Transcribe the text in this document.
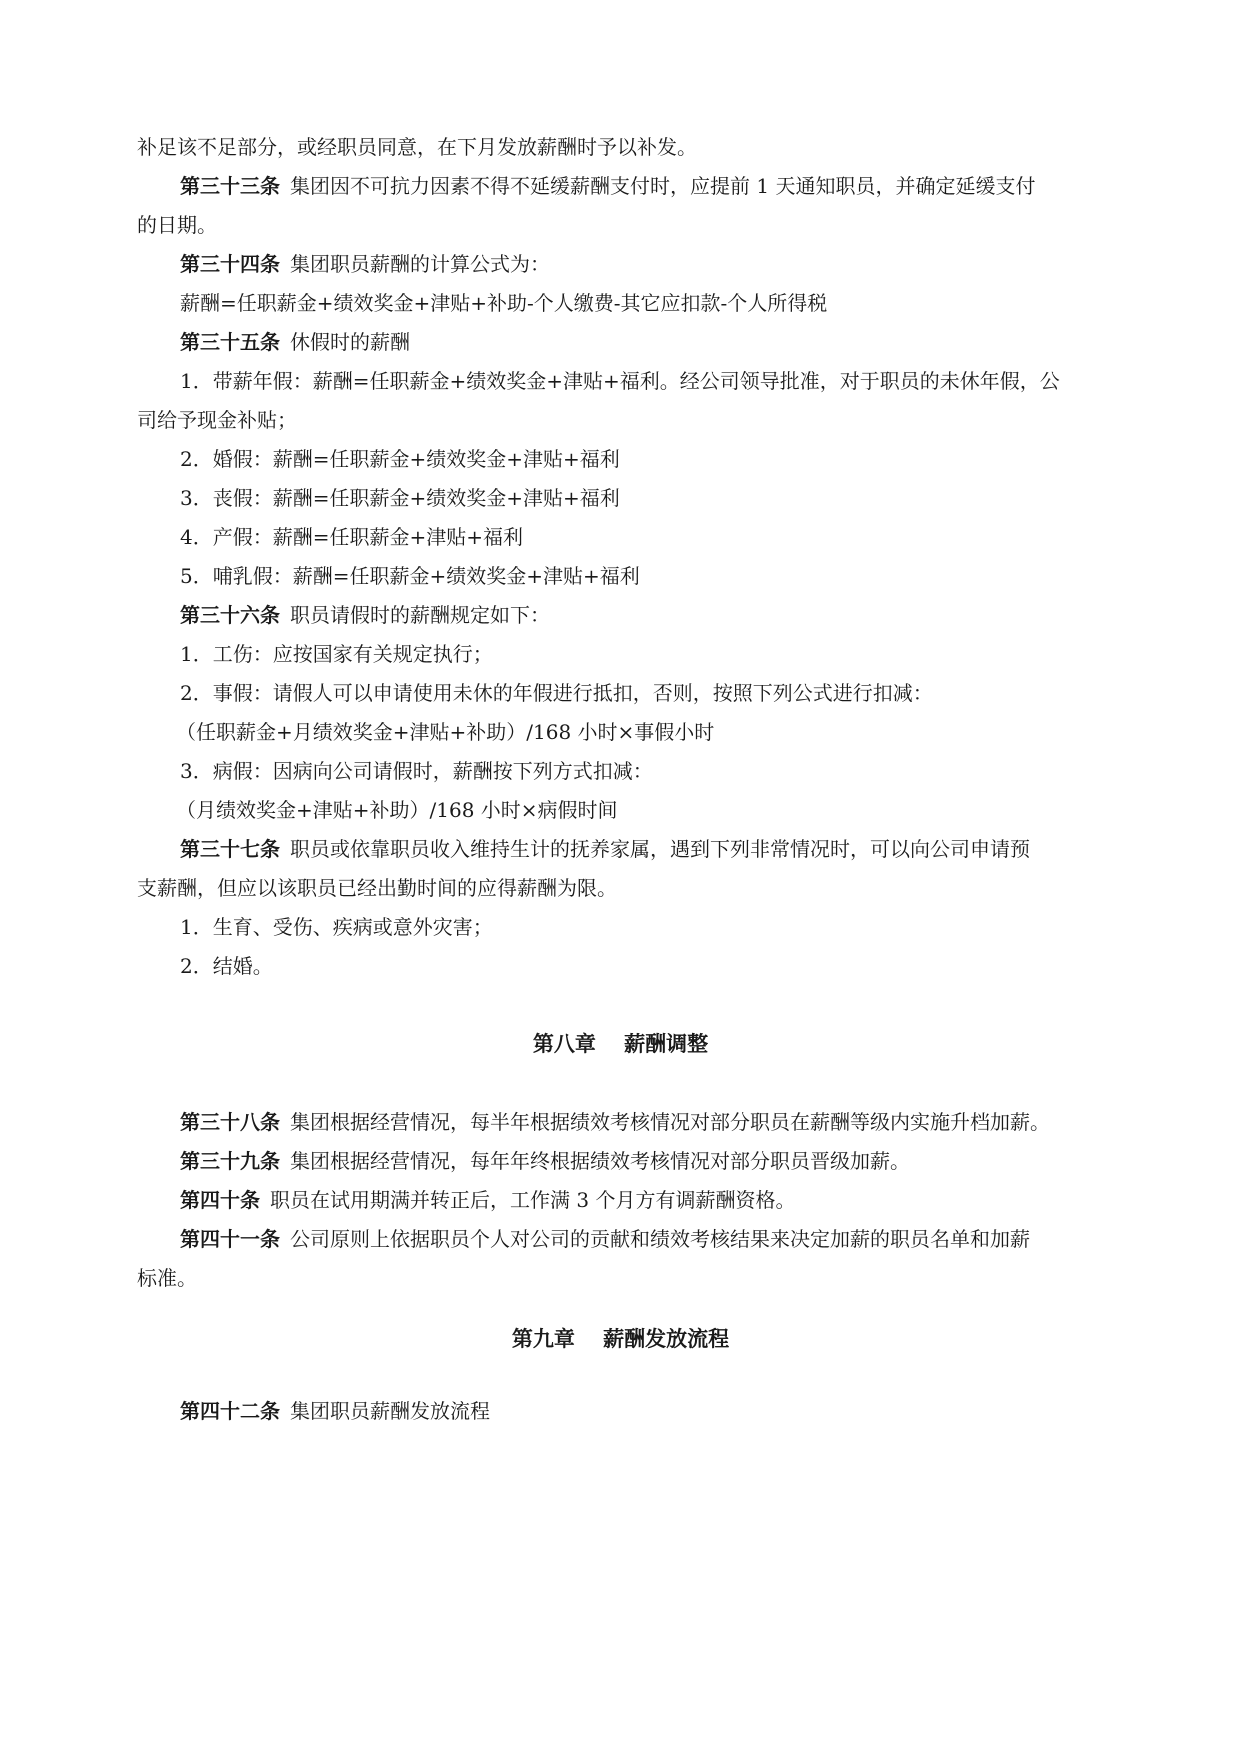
补足该不足部分，或经职员同意，在下月发放薪酬时予以补发。
第三十三条 集团因不可抗力因素不得不延缓薪酬支付时，应提前 1 天通知职员，并确定延缓支付
的日期。
第三十四条 集团职员薪酬的计算公式为：
薪酬=任职薪金+绩效奖金+津贴+补助-个人缴费-其它应扣款-个人所得税
第三十五条 休假时的薪酬
1．带薪年假：薪酬=任职薪金+绩效奖金+津贴+福利。经公司领导批准，对于职员的未休年假，公
司给予现金补贴；
2．婚假：薪酬=任职薪金+绩效奖金+津贴+福利
3．丧假：薪酬=任职薪金+绩效奖金+津贴+福利
4．产假：薪酬=任职薪金+津贴+福利
5．哺乳假：薪酬=任职薪金+绩效奖金+津贴+福利
第三十六条 职员请假时的薪酬规定如下：
1．工伤：应按国家有关规定执行；
2．事假：请假人可以申请使用未休的年假进行抵扣，否则，按照下列公式进行扣减：
（任职薪金+月绩效奖金+津贴+补助）/168 小时×事假小时
3．病假：因病向公司请假时，薪酬按下列方式扣减：
（月绩效奖金+津贴+补助）/168 小时×病假时间
第三十七条 职员或依靠职员收入维持生计的抚养家属，遇到下列非常情况时，可以向公司申请预
支薪酬，但应以该职员已经出勤时间的应得薪酬为限。
1．生育、受伤、疾病或意外灾害；
2．结婚。
第八章　 薪酬调整
第三十八条 集团根据经营情况，每半年根据绩效考核情况对部分职员在薪酬等级内实施升档加薪。
第三十九条 集团根据经营情况，每年年终根据绩效考核情况对部分职员晋级加薪。
第四十条 职员在试用期满并转正后，工作满 3 个月方有调薪酬资格。
第四十一条 公司原则上依据职员个人对公司的贡献和绩效考核结果来决定加薪的职员名单和加薪
标准。
第九章　 薪酬发放流程
第四十二条 集团职员薪酬发放流程
